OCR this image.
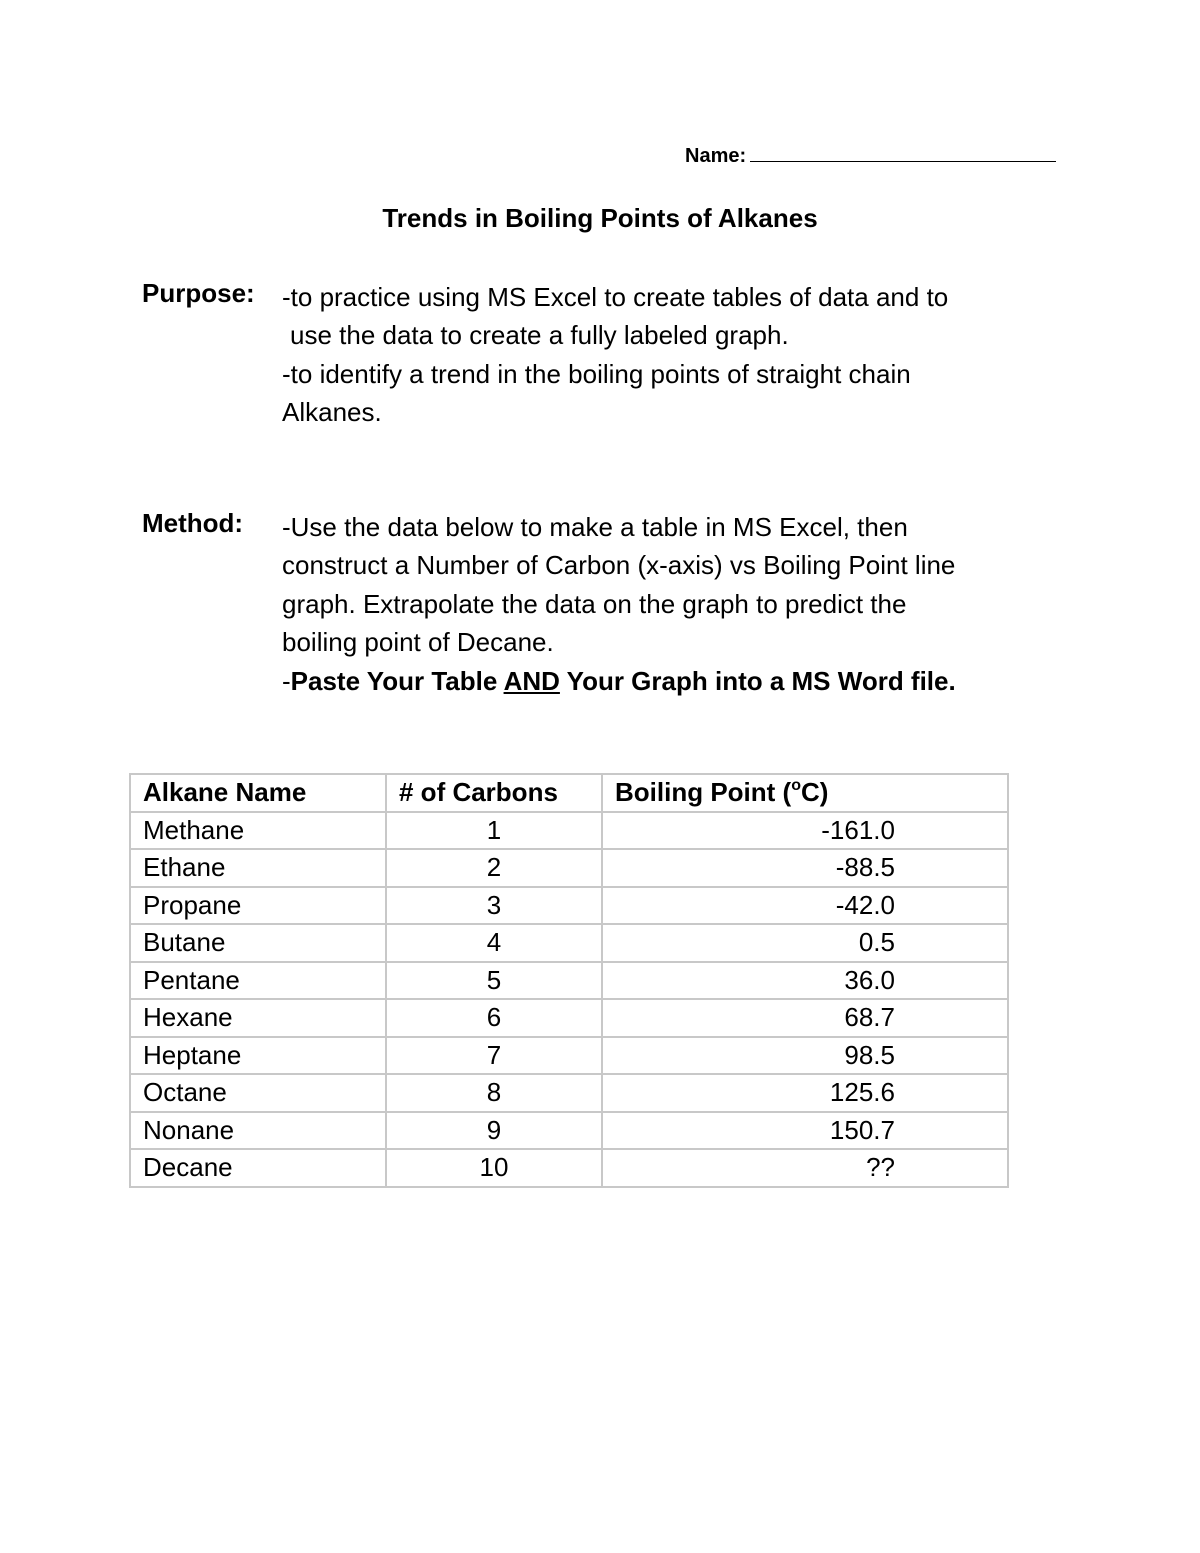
Name:
Trends in Boiling Points of Alkanes
Purpose: -to practice using MS Excel to create tables of data and to

use the data to create a fully labeled graph.

-to identify a trend in the boiling points of straight chain

Alkanes.

Method: -Use the data below to make a table in MS Excel, then

construct a Number of Carbon (x-axis) vs Boiling Point line

graph. Extrapolate the data on the graph to predict the

boiling point of Decane.

-Paste Your Table AND Your Graph into a MS Word file.

Alkane Name	# of Carbons	Boiling Point ($^o$C)
Methane	1	-161.0
Ethane	2	-88.5
Propane	3	-42.0
Butane	4	0.5
Pentane	5	36.0
Hexane	6	68.7
Heptane	7	98.5
Octane	8	125.6
Nonane	9	150.7
Decane	10	??
